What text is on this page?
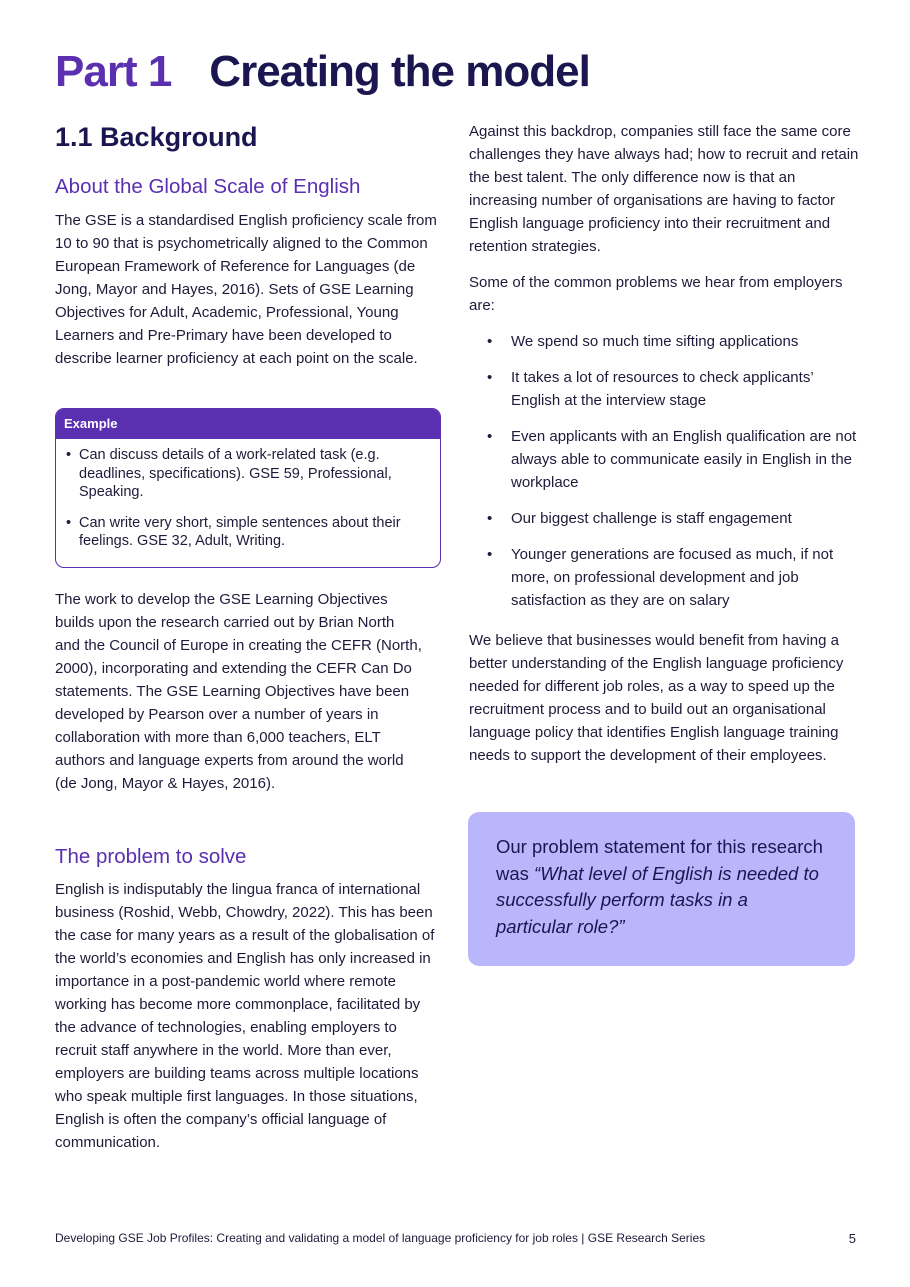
Part 1 Creating the model
1.1 Background
About the Global Scale of English

The GSE is a standardised English proficiency scale from 10 to 90 that is psychometrically aligned to the Common European Framework of Reference for Languages (de Jong, Mayor and Hayes, 2016). Sets of GSE Learning Objectives for Adult, Academic, Professional, Young Learners and Pre-Primary have been developed to describe learner proficiency at each point on the scale.

Example
• Can discuss details of a work-related task (e.g. deadlines, specifications). GSE 59, Professional, Speaking.
• Can write very short, simple sentences about their feelings. GSE 32, Adult, Writing.

The work to develop the GSE Learning Objectives builds upon the research carried out by Brian North and the Council of Europe in creating the CEFR (North, 2000), incorporating and extending the CEFR Can Do statements. The GSE Learning Objectives have been developed by Pearson over a number of years in collaboration with more than 6,000 teachers, ELT authors and language experts from around the world (de Jong, Mayor & Hayes, 2016).

The problem to solve

English is indisputably the lingua franca of international business (Roshid, Webb, Chowdry, 2022). This has been the case for many years as a result of the globalisation of the world’s economies and English has only increased in importance in a post-pandemic world where remote working has become more commonplace, facilitated by the advance of technologies, enabling employers to recruit staff anywhere in the world. More than ever, employers are building teams across multiple locations who speak multiple first languages. In those situations, English is often the company’s official language of communication.

Against this backdrop, companies still face the same core challenges they have always had; how to recruit and retain the best talent. The only difference now is that an increasing number of organisations are having to factor English language proficiency into their recruitment and retention strategies.

Some of the common problems we hear from employers are:

• We spend so much time sifting applications
• It takes a lot of resources to check applicants’ English at the interview stage
• Even applicants with an English qualification are not always able to communicate easily in English in the workplace
• Our biggest challenge is staff engagement
• Younger generations are focused as much, if not more, on professional development and job satisfaction as they are on salary

We believe that businesses would benefit from having a better understanding of the English language proficiency needed for different job roles, as a way to speed up the recruitment process and to build out an organisational language policy that identifies English language training needs to support the development of their employees.

Our problem statement for this research was “What level of English is needed to successfully perform tasks in a particular role?”

Developing GSE Job Profiles: Creating and validating a model of language proficiency for job roles | GSE Research Series	5
